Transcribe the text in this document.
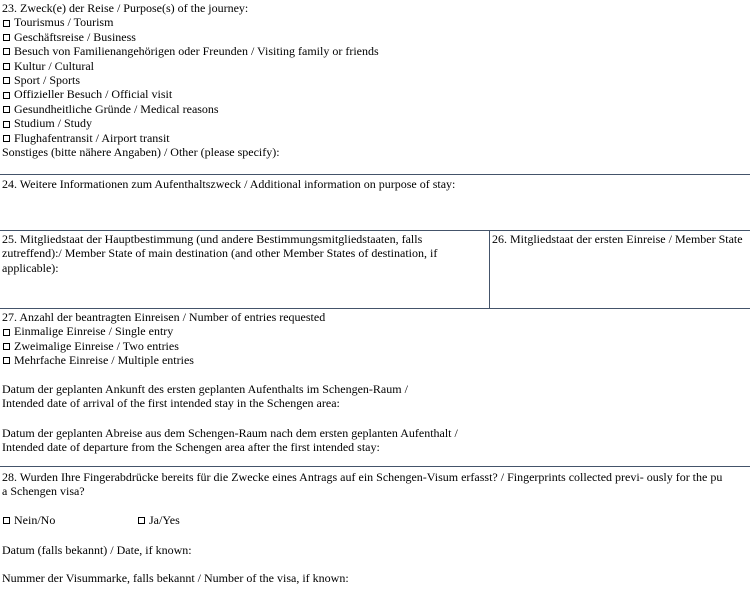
23. Zweck(e) der Reise / Purpose(s) of the journey:
Tourismus / Tourism
Geschäftsreise / Business
Besuch von Familienangehörigen oder Freunden / Visiting family or friends
Kultur / Cultural
Sport / Sports
Offizieller Besuch / Official visit
Gesundheitliche Gründe / Medical reasons
Studium / Study
Flughafentransit / Airport transit
Sonstiges (bitte nähere Angaben) / Other (please specify):
24. Weitere Informationen zum Aufenthaltszweck / Additional information on purpose of stay:
25. Mitgliedstaat der Hauptbestimmung (und andere Bestimmungsmitgliedstaaten, falls
zutreffend):/ Member State of main destination (and other Member States of destination, if
applicable):
26. Mitgliedstaat der ersten Einreise / Member State
27. Anzahl der beantragten Einreisen / Number of entries requested
Einmalige Einreise / Single entry
Zweimalige Einreise / Two entries
Mehrfache Einreise / Multiple entries
Datum der geplanten Ankunft des ersten geplanten Aufenthalts im Schengen-Raum /
Intended date of arrival of the first intended stay in the Schengen area:
Datum der geplanten Abreise aus dem Schengen-Raum nach dem ersten geplanten Aufenthalt /
Intended date of departure from the Schengen area after the first intended stay:
28. Wurden Ihre Fingerabdrücke bereits für die Zwecke eines Antrags auf ein Schengen-Visum erfasst? / Fingerprints collected previ- ously for the pu
a Schengen visa?
Nein/No	Ja/Yes
Datum (falls bekannt) / Date, if known:
Nummer der Visummarke, falls bekannt / Number of the visa, if known:
